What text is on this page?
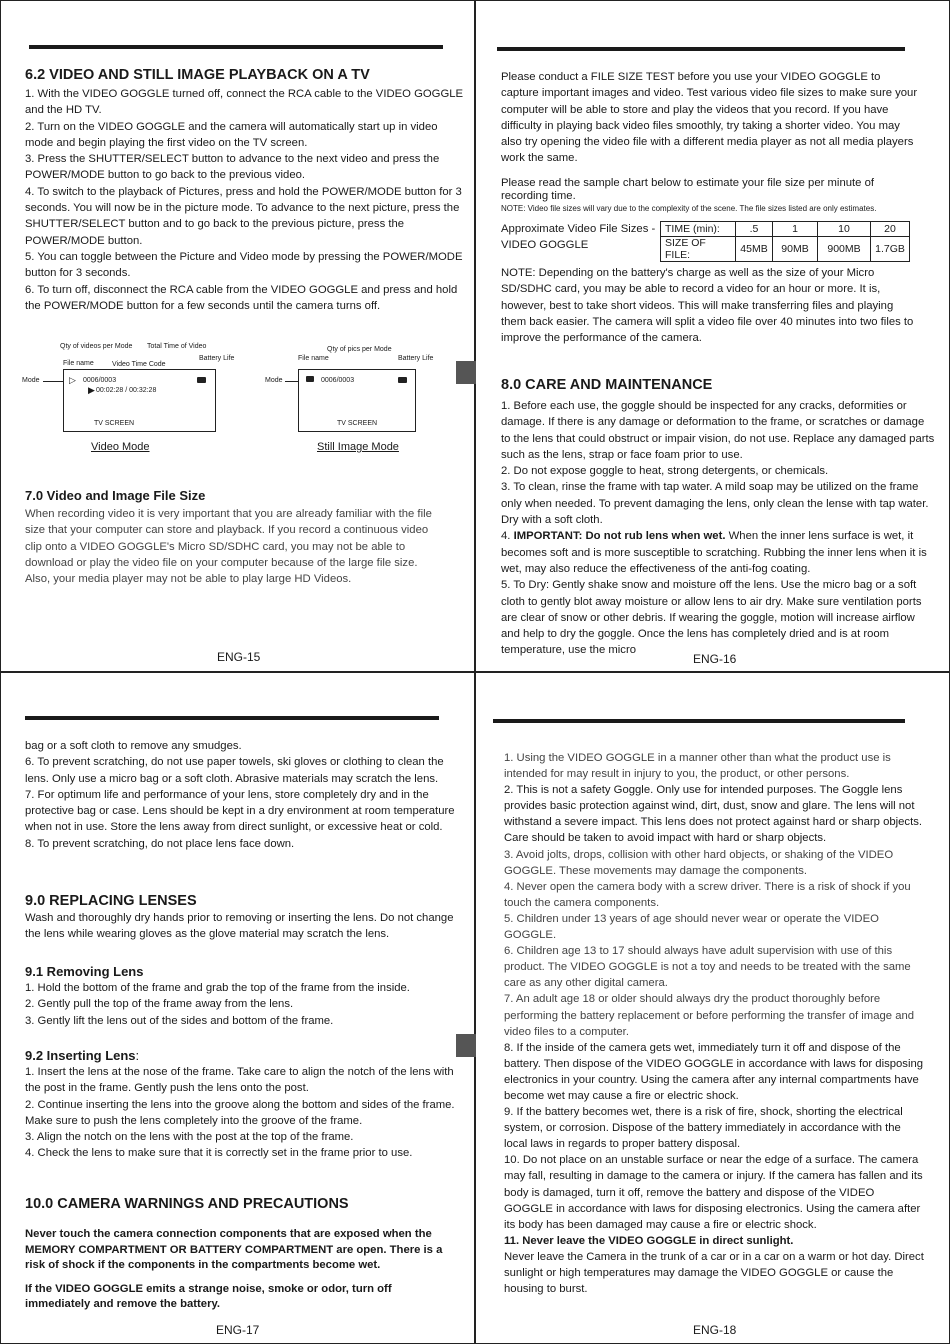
6.2 VIDEO AND STILL IMAGE PLAYBACK ON A TV

1. With the VIDEO GOGGLE turned off, connect the RCA cable to the VIDEO GOGGLE and the HD TV.

2. Turn on the VIDEO GOGGLE and the camera will automatically start up in video mode and begin playing the first video on the TV screen.

3. Press the SHUTTER/SELECT button to advance to the next video and press the POWER/MODE button to go back to the previous video.

4. To switch to the playback of Pictures, press and hold the POWER/MODE button for 3 seconds. You will now be in the picture mode. To advance to the next picture, press the SHUTTER/SELECT button and to go back to the previous picture, press the POWER/MODE button.

5. You can toggle between the Picture and Video mode by pressing the POWER/MODE button for 3 seconds.

6. To turn off, disconnect the RCA cable from the VIDEO GOGGLE and press and hold the POWER/MODE button for a few seconds until the camera turns off.

Qty of videos per Mode Total Time of Video
File name	Video Time Code
Battery Life
Mode	▷ 0006/0003
▶ 00:02:28 / 00:32:28
TV SCREEN
Video Mode
Qty of pics per Mode
File name	Battery Life
Mode	0006/0003
TV SCREEN
Still Image Mode
7.0 Video and Image File Size

When recording video it is very important that you are already familiar with the file size that your computer can store and playback. If you record a continuous video clip onto a VIDEO GOGGLE's Micro SD/SDHC card, you may not be able to download or play the video file on your computer because of the large file size. Also, your media player may not be able to play large HD Videos.

ENG-15

Please conduct a FILE SIZE TEST before you use your VIDEO GOGGLE to capture important images and video. Test various video file sizes to make sure your computer will be able to store and play the videos that you record. If you have difficulty in playing back video files smoothly, try taking a shorter video. You may also try opening the video file with a different media player as not all media players work the same.

Please read the sample chart below to estimate your file size per minute of recording time.

NOTE: Video file sizes will vary due to the complexity of the scene. The file sizes listed are only estimates.

Approximate Video File Sizes -

VIDEO GOGGLE

TIME (min):	.5	1	10	20
SIZE OF FILE:	45MB	90MB	900MB	1.7GB

NOTE: Depending on the battery's charge as well as the size of your Micro SD/SDHC card, you may be able to record a video for an hour or more. It is, however, best to take short videos. This will make transferring files and playing them back easier. The camera will split a video file over 40 minutes into two files to improve the performance of the camera.

8.0 CARE AND MAINTENANCE

1. Before each use, the goggle should be inspected for any cracks, deformities or damage. If there is any damage or deformation to the frame, or scratches or damage to the lens that could obstruct or impair vision, do not use. Replace any damaged parts such as the lens, strap or face foam prior to use.

2. Do not expose goggle to heat, strong detergents, or chemicals.

3. To clean, rinse the frame with tap water. A mild soap may be utilized on the frame only when needed. To prevent damaging the lens, only clean the lense with tap water. Dry with a soft cloth.

4. IMPORTANT: Do not rub lens when wet. When the inner lens surface is wet, it becomes soft and is more susceptible to scratching. Rubbing the inner lens when it is wet, may also reduce the effectiveness of the anti-fog coating.

5. To Dry: Gently shake snow and moisture off the lens. Use the micro bag or a soft cloth to gently blot away moisture or allow lens to air dry. Make sure ventilation ports are clear of snow or other debris. If wearing the goggle, motion will increase airflow and help to dry the goggle. Once the lens has completely dried and is at room temperature, use the micro

ENG-16

bag or a soft cloth to remove any smudges.

6. To prevent scratching, do not use paper towels, ski gloves or clothing to clean the lens. Only use a micro bag or a soft cloth. Abrasive materials may scratch the lens.

7. For optimum life and performance of your lens, store completely dry and in the protective bag or case. Lens should be kept in a dry environment at room temperature when not in use. Store the lens away from direct sunlight, or excessive heat or cold.

8. To prevent scratching, do not place lens face down.

9.0 REPLACING LENSES

Wash and thoroughly dry hands prior to removing or inserting the lens. Do not change the lens while wearing gloves as the glove material may scratch the lens.

9.1 Removing Lens

1. Hold the bottom of the frame and grab the top of the frame from the inside.

2. Gently pull the top of the frame away from the lens.

3. Gently lift the lens out of the sides and bottom of the frame.

9.2 Inserting Lens:

1. Insert the lens at the nose of the frame. Take care to align the notch of the lens with the post in the frame. Gently push the lens onto the post.

2. Continue inserting the lens into the groove along the bottom and sides of the frame. Make sure to push the lens completely into the groove of the frame.

3. Align the notch on the lens with the post at the top of the frame.

4. Check the lens to make sure that it is correctly set in the frame prior to use.

10.0 CAMERA WARNINGS AND PRECAUTIONS

Never touch the camera connection components that are exposed when the MEMORY COMPARTMENT OR BATTERY COMPARTMENT are open. There is a risk of shock if the components in the compartments become wet.

If the VIDEO GOGGLE emits a strange noise, smoke or odor, turn off immediately and remove the battery.

ENG-17

1. Using the VIDEO GOGGLE in a manner other than what the product use is intended for may result in injury to you, the product, or other persons.

2. This is not a safety Goggle. Only use for intended purposes. The Goggle lens provides basic protection against wind, dirt, dust, snow and glare. The lens will not withstand a severe impact. This lens does not protect against hard or sharp objects. Care should be taken to avoid impact with hard or sharp objects.

3. Avoid jolts, drops, collision with other hard objects, or shaking of the VIDEO GOGGLE. These movements may damage the components.

4. Never open the camera body with a screw driver. There is a risk of shock if you touch the camera components.

5. Children under 13 years of age should never wear or operate the VIDEO GOGGLE.

6. Children age 13 to 17 should always have adult supervision with use of this product. The VIDEO GOGGLE is not a toy and needs to be treated with the same care as any other digital camera.

7. An adult age 18 or older should always dry the product thoroughly before performing the battery replacement or before performing the transfer of image and video files to a computer.

8. If the inside of the camera gets wet, immediately turn it off and dispose of the battery. Then dispose of the VIDEO GOGGLE in accordance with laws for disposing electronics in your country. Using the camera after any internal compartments have become wet may cause a fire or electric shock.

9. If the battery becomes wet, there is a risk of fire, shock, shorting the electrical system, or corrosion. Dispose of the battery immediately in accordance with the local laws in regards to proper battery disposal.

10. Do not place on an unstable surface or near the edge of a surface. The camera may fall, resulting in damage to the camera or injury. If the camera has fallen and its body is damaged, turn it off, remove the battery and dispose of the VIDEO GOGGLE in accordance with laws for disposing electronics. Using the camera after its body has been damaged may cause a fire or electric shock.

11. Never leave the VIDEO GOGGLE in direct sunlight.

Never leave the Camera in the trunk of a car or in a car on a warm or hot day. Direct sunlight or high temperatures may damage the VIDEO GOGGLE or cause the housing to burst.

ENG-18
